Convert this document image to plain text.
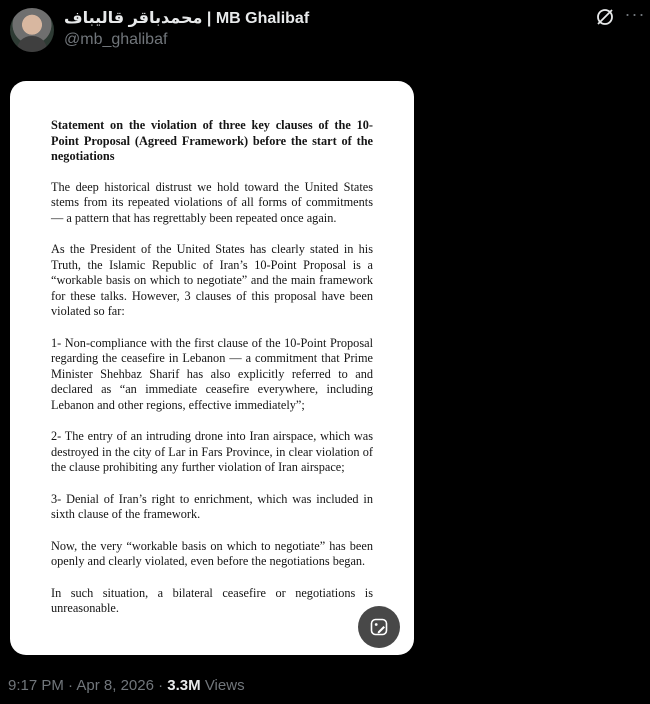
محمدباقر قالیباف | MB Ghalibaf
@mb_ghalibaf
···

Statement on the violation of three key clauses of the 10-Point Proposal (Agreed Framework) before the start of the negotiations

The deep historical distrust we hold toward the United States stems from its repeated violations of all forms of commitments — a pattern that has regrettably been repeated once again.

As the President of the United States has clearly stated in his Truth, the Islamic Republic of Iran’s 10-Point Proposal is a “workable basis on which to negotiate” and the main framework for these talks. However, 3 clauses of this proposal have been violated so far:

1- Non-compliance with the first clause of the 10-Point Proposal regarding the ceasefire in Lebanon — a commitment that Prime Minister Shehbaz Sharif has also explicitly referred to and declared as “an immediate ceasefire everywhere, including Lebanon and other regions, effective immediately”;

2- The entry of an intruding drone into Iran airspace, which was destroyed in the city of Lar in Fars Province, in clear violation of the clause prohibiting any further violation of Iran airspace;

3- Denial of Iran’s right to enrichment, which was included in sixth clause of the framework.

Now, the very “workable basis on which to negotiate” has been openly and clearly violated, even before the negotiations began.

In such situation, a bilateral ceasefire or negotiations is unreasonable.

9:17 PM · Apr 8, 2026 · 3.3M Views
